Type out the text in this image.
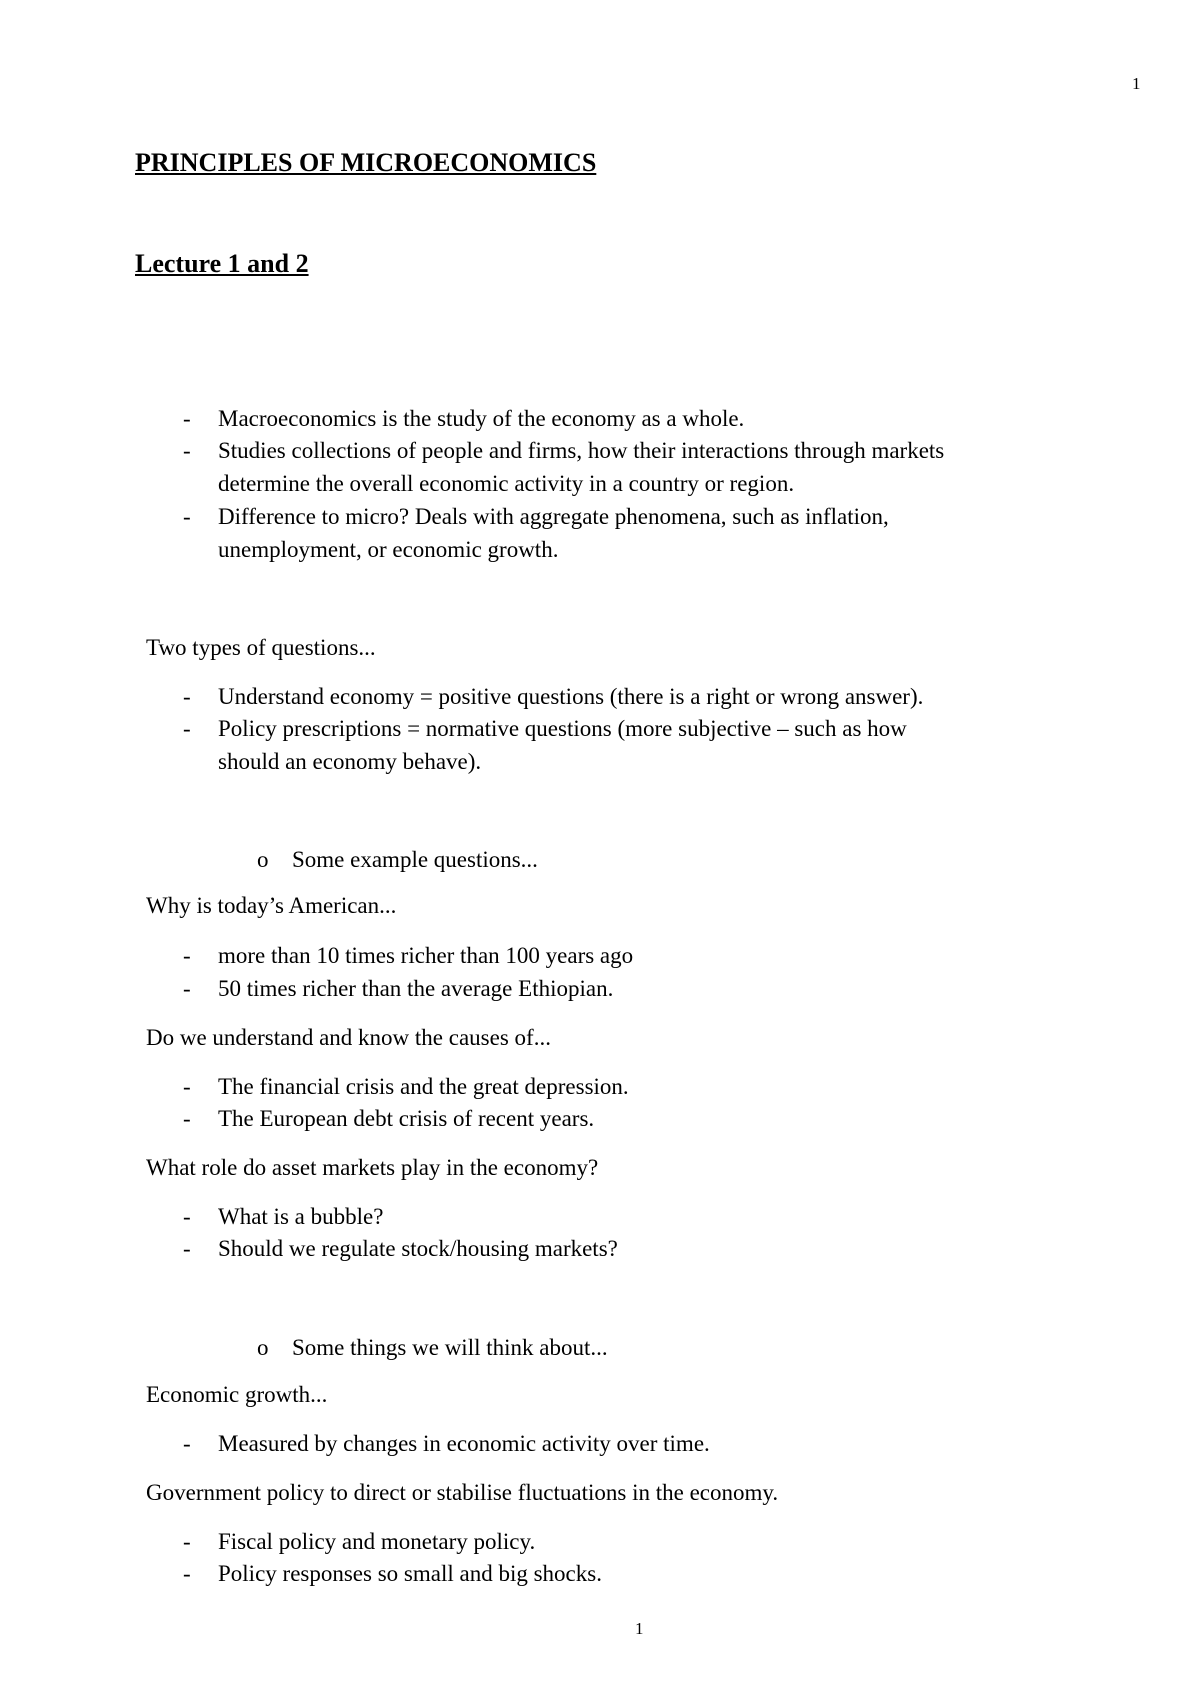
1
PRINCIPLES OF MICROECONOMICS
Lecture 1 and 2
- Macroeconomics is the study of the economy as a whole.
- Studies collections of people and firms, how their interactions through markets
determine the overall economic activity in a country or region.
- Difference to micro? Deals with aggregate phenomena, such as inflation,
unemployment, or economic growth.
Two types of questions...
- Understand economy = positive questions (there is a right or wrong answer).
- Policy prescriptions = normative questions (more subjective – such as how
should an economy behave).
o Some example questions...
Why is today’s American...
- more than 10 times richer than 100 years ago
- 50 times richer than the average Ethiopian.
Do we understand and know the causes of...
- The financial crisis and the great depression.
- The European debt crisis of recent years.
What role do asset markets play in the economy?
- What is a bubble?
- Should we regulate stock/housing markets?
o Some things we will think about...
Economic growth...
- Measured by changes in economic activity over time.
Government policy to direct or stabilise fluctuations in the economy.
- Fiscal policy and monetary policy.
- Policy responses so small and big shocks.
1
